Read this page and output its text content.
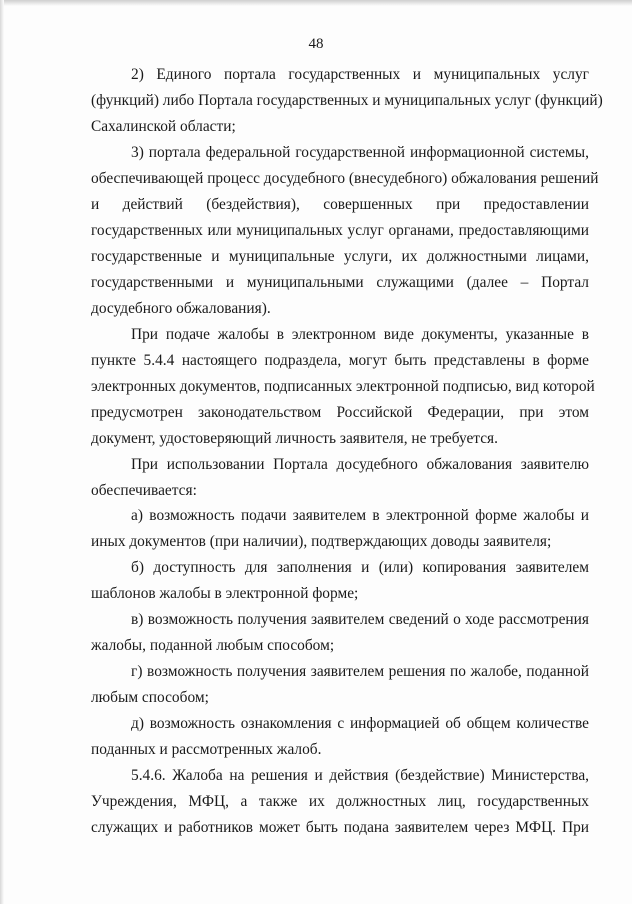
48
2) Единого портала государственных и муниципальных услуг
(функций) либо Портала государственных и муниципальных услуг (функций)
Сахалинской области;
3) портала федеральной государственной информационной системы,
обеспечивающей процесс досудебного (внесудебного) обжалования решений
и действий (бездействия), совершенных при предоставлении
государственных или муниципальных услуг органами, предоставляющими
государственные и муниципальные услуги, их должностными лицами,
государственными и муниципальными служащими (далее – Портал
досудебного обжалования).
При подаче жалобы в электронном виде документы, указанные в
пункте 5.4.4 настоящего подраздела, могут быть представлены в форме
электронных документов, подписанных электронной подписью, вид которой
предусмотрен законодательством Российской Федерации, при этом
документ, удостоверяющий личность заявителя, не требуется.
При использовании Портала досудебного обжалования заявителю
обеспечивается:
а) возможность подачи заявителем в электронной форме жалобы и
иных документов (при наличии), подтверждающих доводы заявителя;
б) доступность для заполнения и (или) копирования заявителем
шаблонов жалобы в электронной форме;
в) возможность получения заявителем сведений о ходе рассмотрения
жалобы, поданной любым способом;
г) возможность получения заявителем решения по жалобе, поданной
любым способом;
д) возможность ознакомления с информацией об общем количестве
поданных и рассмотренных жалоб.
5.4.6. Жалоба на решения и действия (бездействие) Министерства,
Учреждения, МФЦ, а также их должностных лиц, государственных
служащих и работников может быть подана заявителем через МФЦ. При
